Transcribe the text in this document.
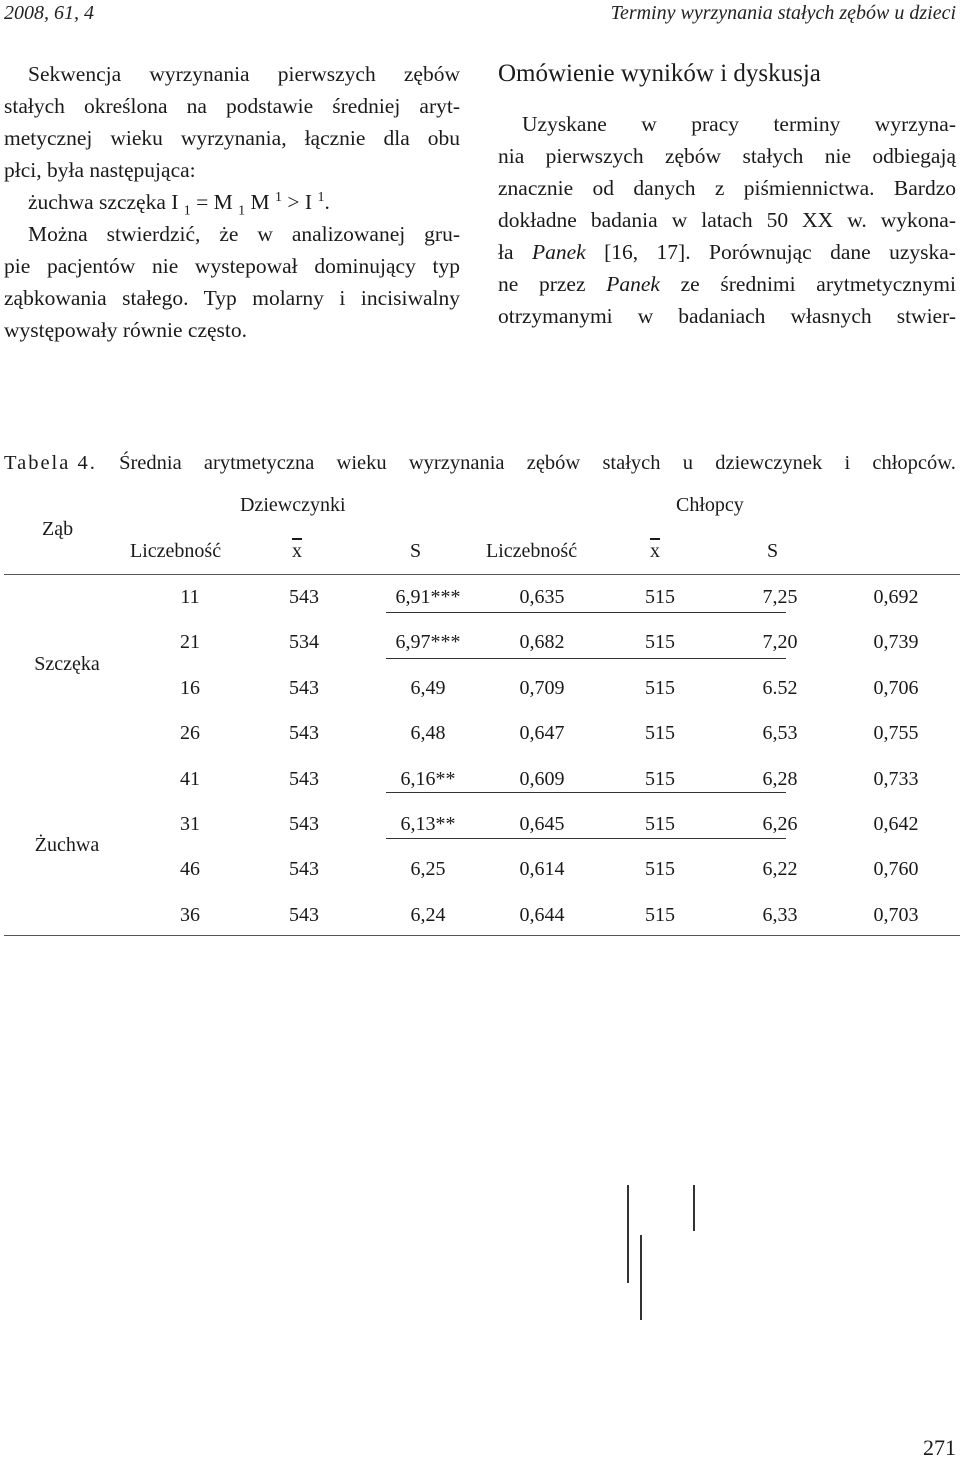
2008, 61, 4	Terminy wyrzynania stałych zębów u dzieci

Sekwencja wyrzynania pierwszych zębów

stałych określona na podstawie średniej aryt-

metycznej wieku wyrzynania, łącznie dla obu

płci, była następująca:

żuchwa szczęka I $_1$ = M $_1$ M $^1$ > I $^1$.

Można stwierdzić, że w analizowanej gru-

pie pacjentów nie wystepował dominujący typ

ząbkowania stałego. Typ molarny i incisiwalny

występowały równie często.

Omówienie wyników i dyskusja

Uzyskane w pracy terminy wyrzyna-

nia pierwszych zębów stałych nie odbiegają

znacznie od danych z piśmiennictwa. Bardzo

dokładne badania w latach 50 XX w. wykona-

ła Panek [16, 17]. Porównując dane uzyska-

ne przez Panek ze średnimi arytmetycznymi

otrzymanymi w badaniach własnych stwier-

Tabela 4. Średnia arytmetyczna wieku wyrzynania zębów stałych u dziewczynek i chłopców.
Ząb
Dziewczynki	Chłopcy
Liczebność	$\overline{x}$	S	Liczebność	$\overline{x}$	S
Szczęka
Żuchwa
11	543	6,91***	0,635	515	7,25	0,692
21	534	6,97***	0,682	515	7,20	0,739
16	543	6,49	0,709	515	6.52	0,706
26	543	6,48	0,647	515	6,53	0,755
41	543	6,16**	0,609	515	6,28	0,733
31	543	6,13**	0,645	515	6,26	0,642
46	543	6,25	0,614	515	6,22	0,760
36	543	6,24	0,644	515	6,33	0,703
271
